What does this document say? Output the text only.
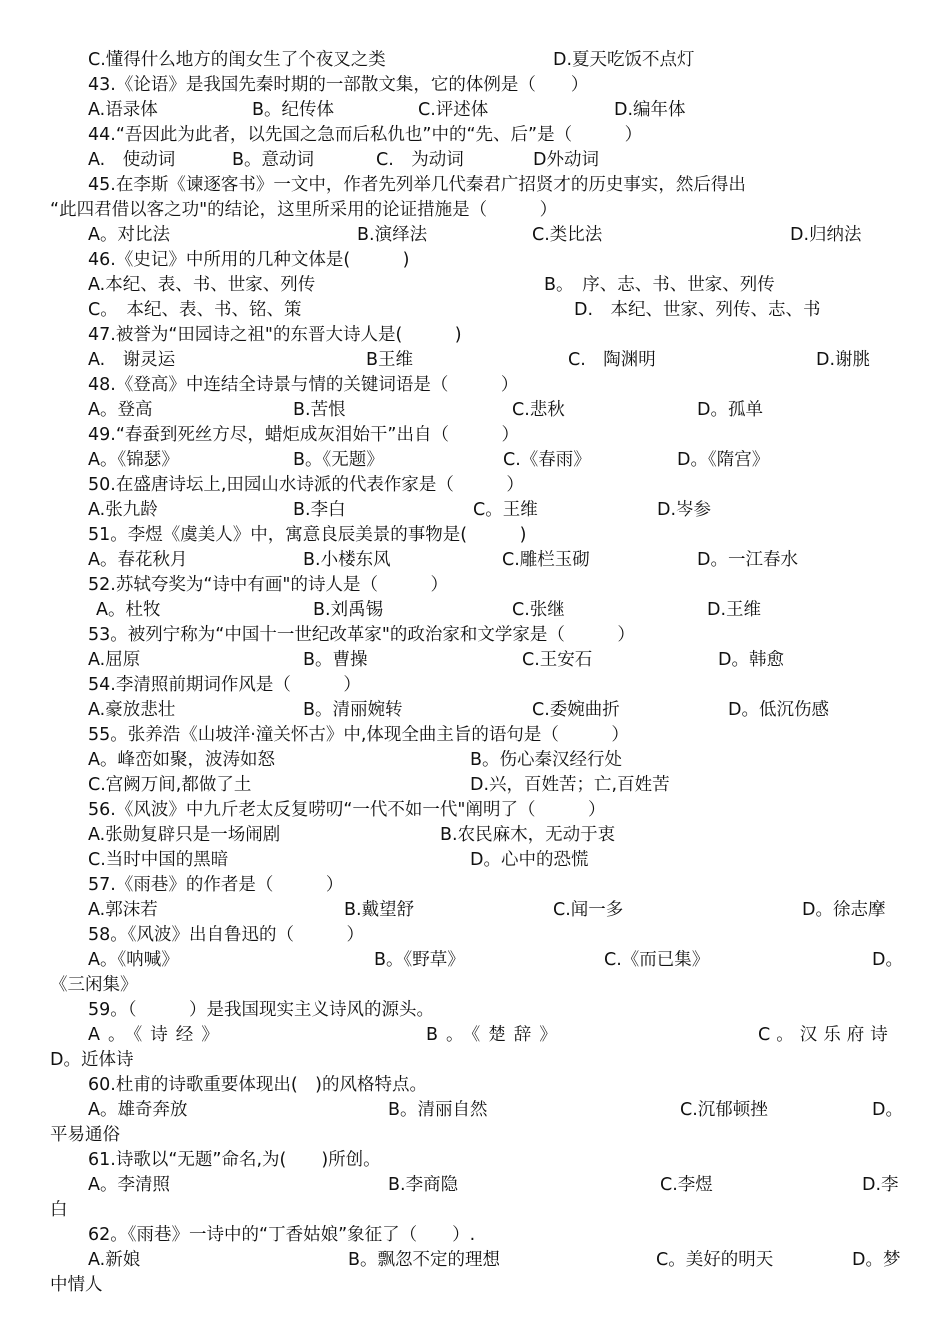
C.懂得什么地方的闺女生了个夜叉之类	D.夏天吃饭不点灯
43.《论语》是我国先秦时期的一部散文集，它的体例是（　　）
A.语录体	B。纪传体	C.评述体	D.编年体
44.“吾因此为此者，以先国之急而后私仇也”中的“先、后”是（　　　）
A.　使动词	B。意动词	C.　为动词	D外动词
45.在李斯《谏逐客书》一文中，作者先列举几代秦君广招贤才的历史事实，然后得出
“此四君借以客之功"的结论，这里所采用的论证措施是（　　　）
A。对比法	B.演绎法	C.类比法	D.归纳法
46.《史记》中所用的几种文体是(　　　)
A.本纪、表、书、世家、列传	B。　序、志、书、世家、列传
C。　本纪、表、书、铭、策	D.　本纪、世家、列传、志、书
47.被誉为“田园诗之祖"的东晋大诗人是(　　　)
A.　谢灵运	B王维	C.　陶渊明	D.谢朓
48.《登高》中连结全诗景与情的关键词语是（　　　）
A。登高	B.苦恨	C.悲秋	D。孤单
49.“春蚕到死丝方尽，蜡炬成灰泪始干”出自（　　　）
A。《锦瑟》	B。《无题》	C.《春雨》	D。《隋宫》
50.在盛唐诗坛上,田园山水诗派的代表作家是（　　　）
A.张九龄	B.李白	C。王维	D.岑参
51。李煜《虞美人》中，寓意良辰美景的事物是(　　　)
A。春花秋月	B.小楼东风	C.雕栏玉砌	D。一江春水
52.苏轼夸奖为“诗中有画"的诗人是（　　　）
A。杜牧	B.刘禹锡	C.张继	D.王维
53。被列宁称为“中国十一世纪改革家"的政治家和文学家是（　　　）
A.屈原	B。曹操	C.王安石	D。韩愈
54.李清照前期词作风是（　　　）
A.豪放悲壮	B。清丽婉转	C.委婉曲折	D。低沉伤感
55。张养浩《山坡洋·潼关怀古》中,体现全曲主旨的语句是（　　　）
A。峰峦如聚，波涛如怒	B。伤心秦汉经行处
C.宫阙万间,都做了土	D.兴，百姓苦；亡,百姓苦
56.《风波》中九斤老太反复唠叨“一代不如一代"阐明了（　　　）
A.张勋复辟只是一场闹剧	B.农民麻木，无动于衷
C.当时中国的黑暗	D。心中的恐慌
57.《雨巷》的作者是（　　　）
A.郭沫若	B.戴望舒	C.闻一多	D。徐志摩
58。《风波》出自鲁迅的（　　　）
A。《呐喊》	B。《野草》	C.《而已集》	D。
《三闲集》
59。（　　　）是我国现实主义诗风的源头。
A。《诗经》	B。《楚辞》	C。汉乐府诗
D。近体诗
60.杜甫的诗歌重要体现出(　)的风格特点。
A。雄奇奔放	B。清丽自然	C.沉郁顿挫	D。
平易通俗
61.诗歌以“无题”命名,为(　　)所创。
A。李清照	B.李商隐	C.李煜	D.李
白
62。《雨巷》一诗中的“丁香姑娘”象征了（　　）.
A.新娘	B。飘忽不定的理想	C。美好的明天	D。梦
中情人
